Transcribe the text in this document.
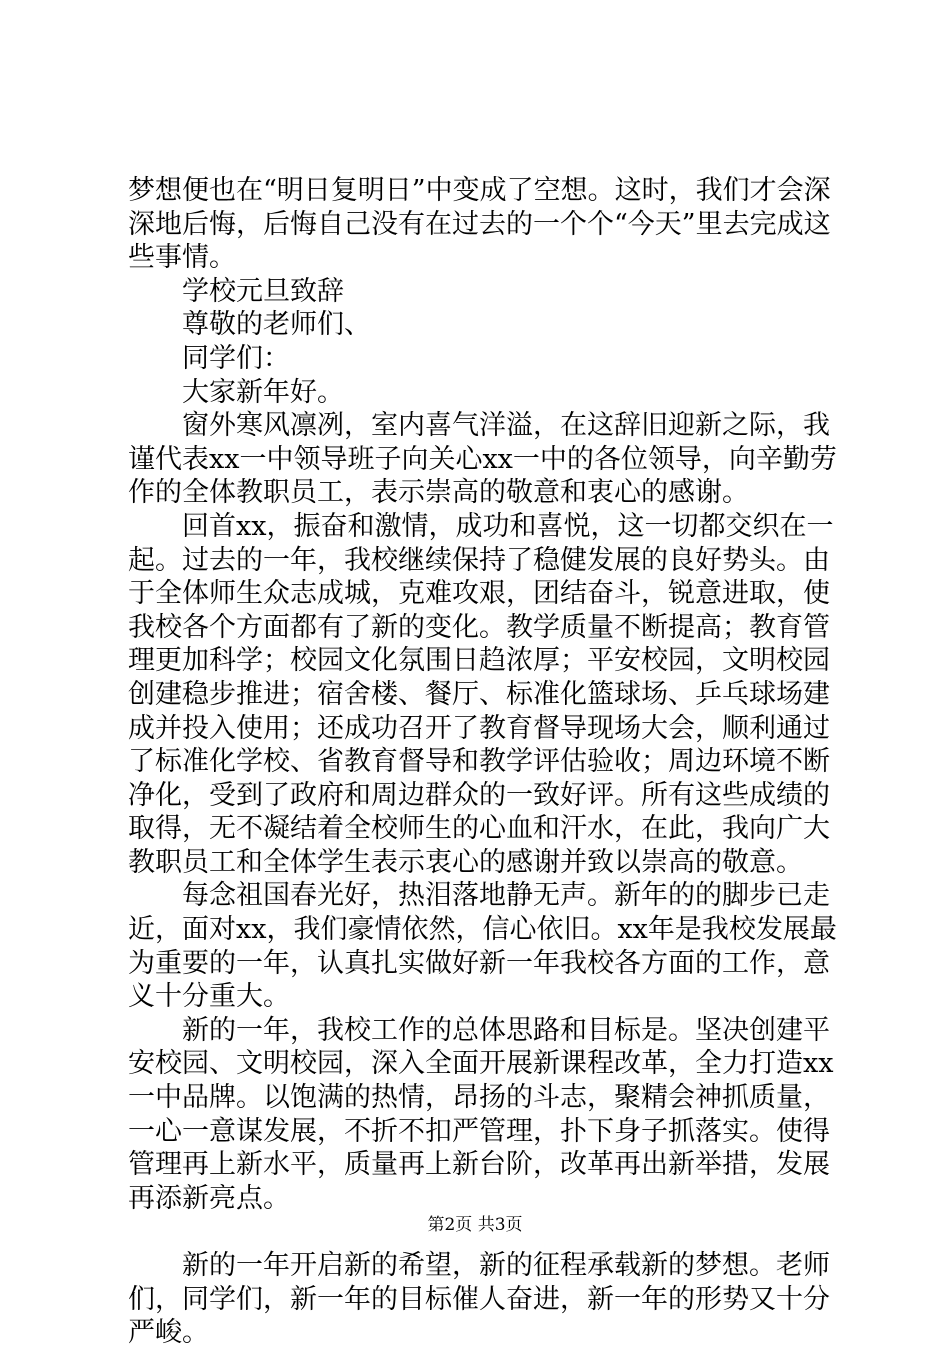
梦想便也在“明日复明日”中变成了空想。这时，我们才会深深地后悔，后悔自己没有在过去的一个个“今天”里去完成这些事情。

学校元旦致辞

尊敬的老师们、

同学们：

大家新年好。

窗外寒风凛冽，室内喜气洋溢，在这辞旧迎新之际，我谨代表xx一中领导班子向关心xx一中的各位领导，向辛勤劳作的全体教职员工，表示崇高的敬意和衷心的感谢。

回首xx，振奋和激情，成功和喜悦，这一切都交织在一起。过去的一年，我校继续保持了稳健发展的良好势头。由于全体师生众志成城，克难攻艰，团结奋斗，锐意进取，使我校各个方面都有了新的变化。教学质量不断提高；教育管理更加科学；校园文化氛围日趋浓厚；平安校园，文明校园创建稳步推进；宿舍楼、餐厅、标准化篮球场、乒乓球场建成并投入使用；还成功召开了教育督导现场大会，顺利通过了标准化学校、省教育督导和教学评估验收；周边环境不断净化，受到了政府和周边群众的一致好评。所有这些成绩的取得，无不凝结着全校师生的心血和汗水，在此，我向广大教职员工和全体学生表示衷心的感谢并致以崇高的敬意。

每念祖国春光好，热泪落地静无声。新年的的脚步已走近，面对xx，我们豪情依然，信心依旧。xx年是我校发展最为重要的一年，认真扎实做好新一年我校各方面的工作，意义十分重大。

新的一年，我校工作的总体思路和目标是。坚决创建平安校园、文明校园，深入全面开展新课程改革，全力打造xx一中品牌。以饱满的热情，昂扬的斗志，聚精会神抓质量，一心一意谋发展，不折不扣严管理，扑下身子抓落实。使得管理再上新水平，质量再上新台阶，改革再出新举措，发展再添新亮点。

新的一年开启新的希望，新的征程承载新的梦想。老师们，同学们，新一年的目标催人奋进，新一年的形势又十分严峻。

第2页 共3页
